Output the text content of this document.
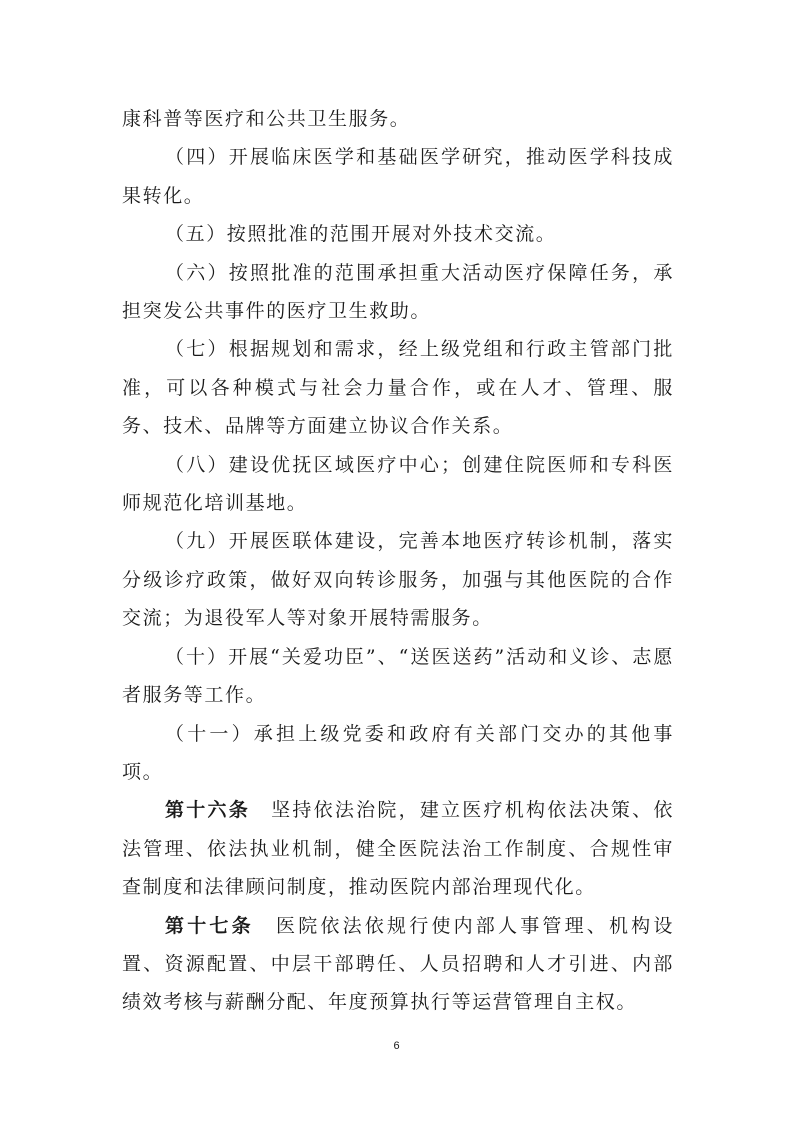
康科普等医疗和公共卫生服务。

（四）开展临床医学和基础医学研究，推动医学科技成果转化。

（五）按照批准的范围开展对外技术交流。

（六）按照批准的范围承担重大活动医疗保障任务，承担突发公共事件的医疗卫生救助。

（七）根据规划和需求，经上级党组和行政主管部门批准，可以各种模式与社会力量合作，或在人才、管理、服务、技术、品牌等方面建立协议合作关系。

（八）建设优抚区域医疗中心；创建住院医师和专科医师规范化培训基地。

（九）开展医联体建设，完善本地医疗转诊机制，落实分级诊疗政策，做好双向转诊服务，加强与其他医院的合作交流；为退役军人等对象开展特需服务。

（十）开展“关爱功臣”、“送医送药”活动和义诊、志愿者服务等工作。

（十一）承担上级党委和政府有关部门交办的其他事项。

第十六条  坚持依法治院，建立医疗机构依法决策、依法管理、依法执业机制，健全医院法治工作制度、合规性审查制度和法律顾问制度，推动医院内部治理现代化。

第十七条  医院依法依规行使内部人事管理、机构设置、资源配置、中层干部聘任、人员招聘和人才引进、内部绩效考核与薪酬分配、年度预算执行等运营管理自主权。

6
